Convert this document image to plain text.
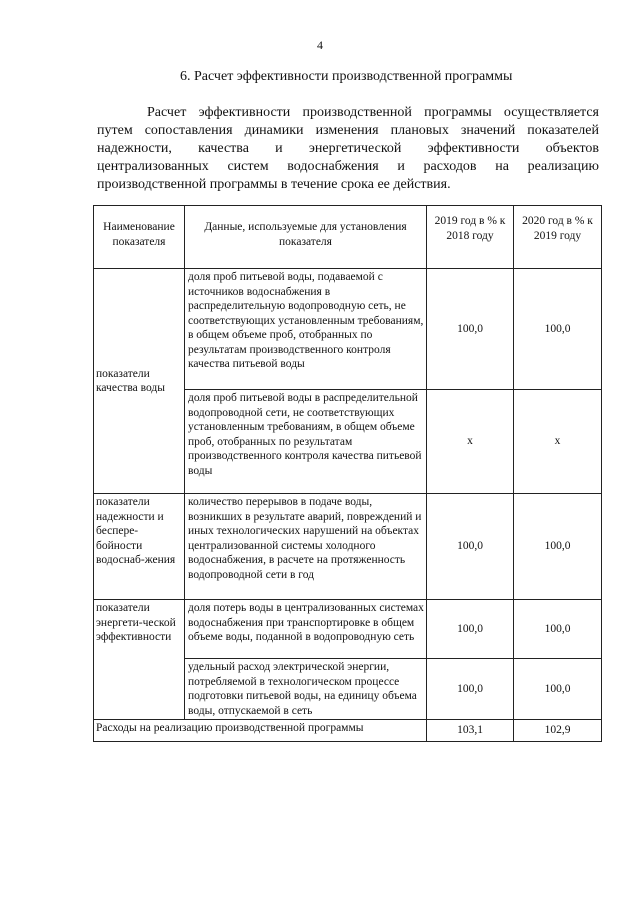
4
6. Расчет эффективности производственной программы

Расчет эффективности производственной программы осуществляется путем сопоставления динамики изменения плановых значений показателей надежности, качества и энергетической эффективности объектов централизованных систем водоснабжения и расходов на реализацию производственной программы в течение срока ее действия.

Наименование показателя	Данные, используемые для установления показателя	2019 год в % к 2018 году	2020 год в % к 2019 году
показатели качества воды	доля проб питьевой воды, подаваемой с источников водоснабжения в распределительную водопроводную сеть, не соответствующих установленным требованиям, в общем объеме проб, отобранных по результатам производственного контроля качества питьевой воды	100,0	100,0
	доля проб питьевой воды в распределительной водопроводной сети, не соответствующих установленным требованиям, в общем объеме проб, отобранных по результатам производственного контроля качества питьевой воды	х	х
показатели надежности и беспере-бойности водоснаб-жения	количество перерывов в подаче воды, возникших в результате аварий, повреждений и иных технологических нарушений на объектах централизованной системы холодного водоснабжения, в расчете на протяженность водопроводной сети в год	100,0	100,0
показатели энергети-ческой эффективности	доля потерь воды в централизованных системах водоснабжения при транспортировке в общем объеме воды, поданной в водопроводную сеть	100,0	100,0
	удельный расход электрической энергии, потребляемой в технологическом процессе подготовки питьевой воды, на единицу объема воды, отпускаемой в сеть	100,0	100,0
Расходы на реализацию производственной программы		103,1	102,9
